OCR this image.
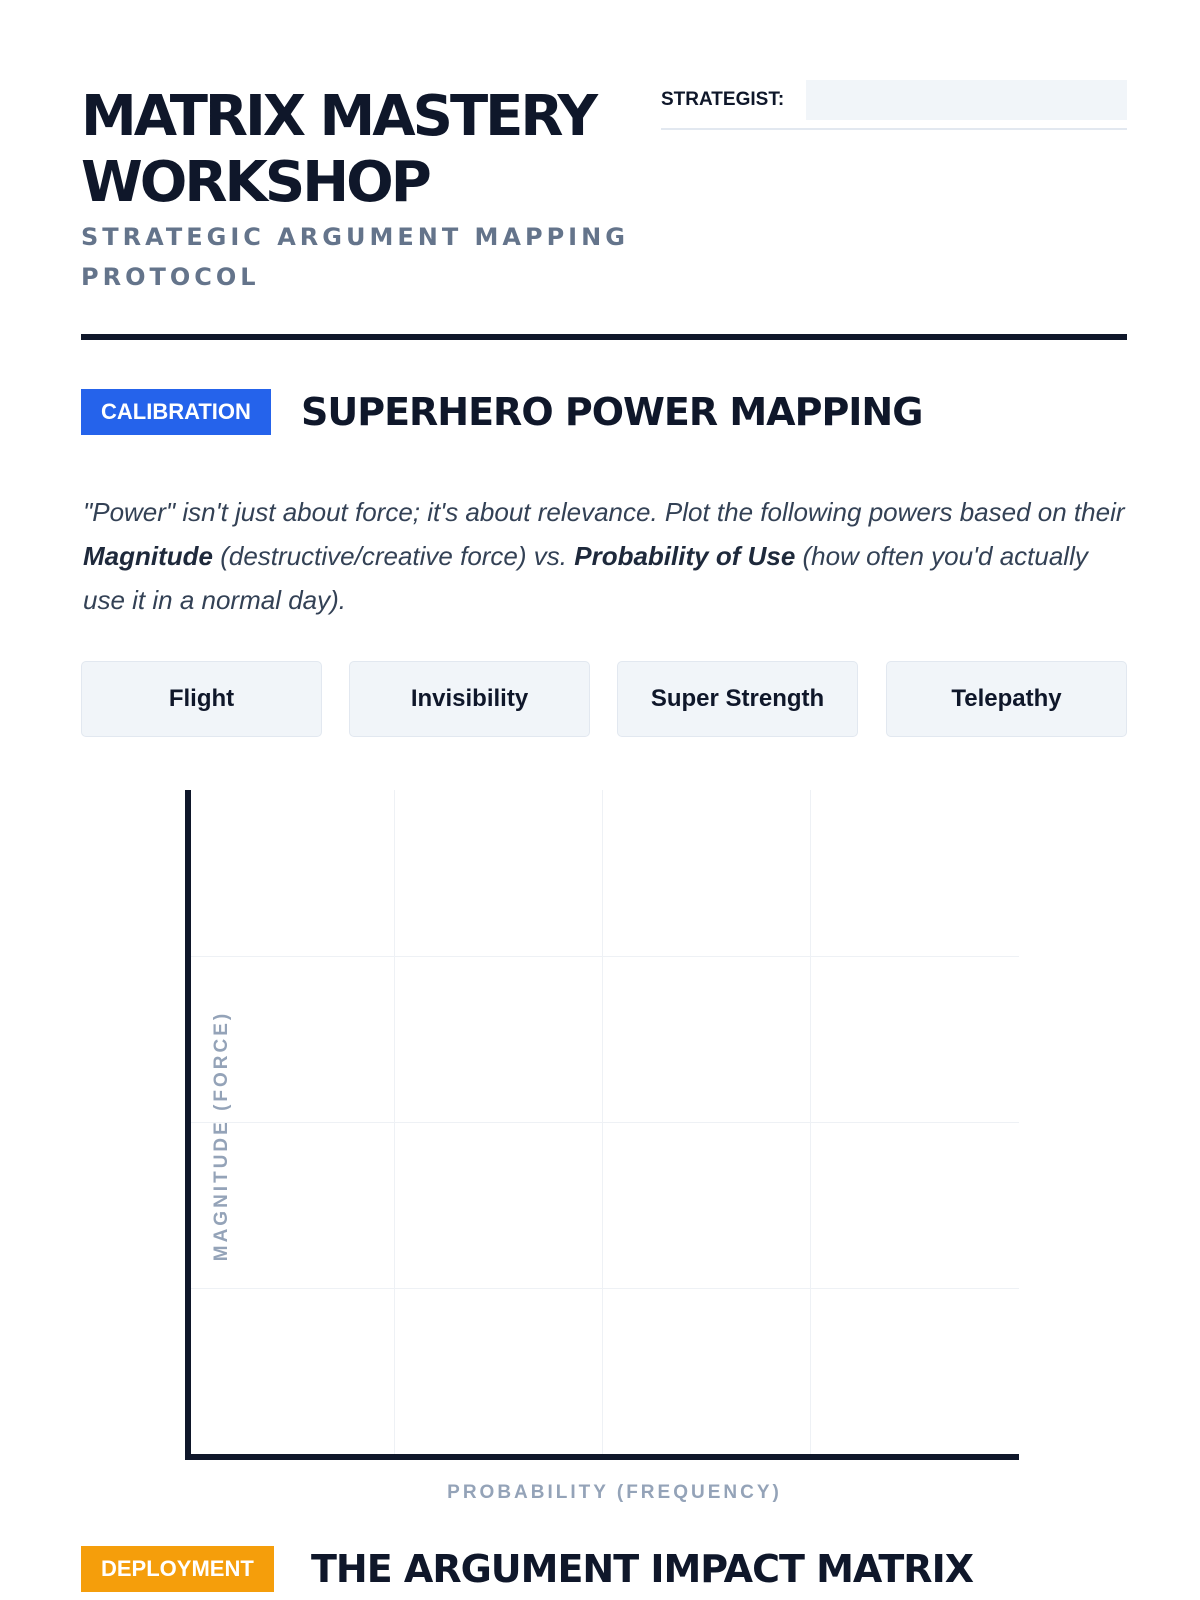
MATRIX MASTERY WORKSHOP

STRATEGIC ARGUMENT MAPPING PROTOCOL

STRATEGIST:
CALIBRATION	SUPERHERO POWER MAPPING

"Power" isn't just about force; it's about relevance. Plot the following powers based on their Magnitude (destructive/creative force) vs. Probability of Use (how often you'd actually use it in a normal day).

Flight	Invisibility	Super Strength	Telepathy
MAGNITUDE (FORCE)
PROBABILITY (FREQUENCY)
DEPLOYMENT	THE ARGUMENT IMPACT MATRIX
